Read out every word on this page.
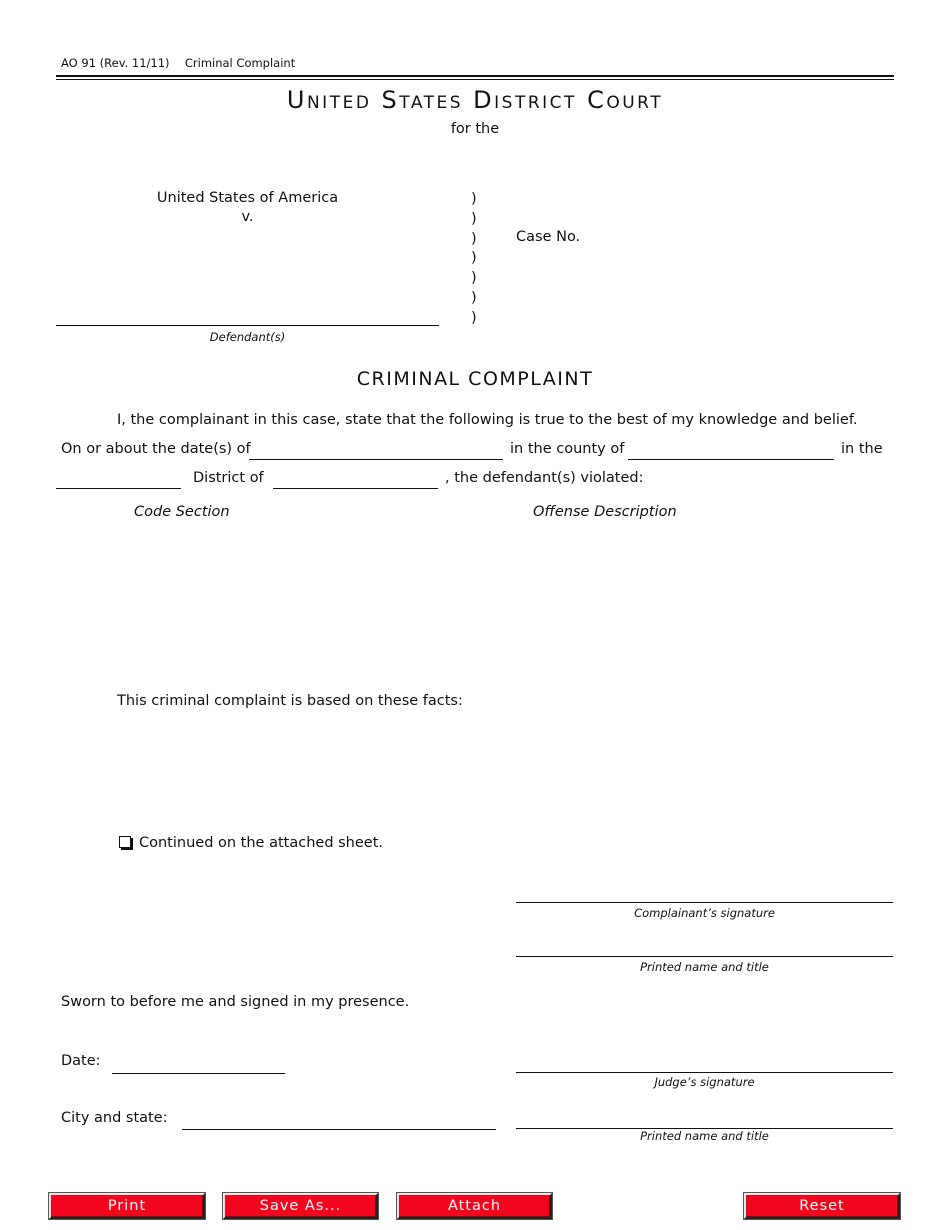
AO 91 (Rev. 11/11) Criminal Complaint
United States District Court
for the
United States of America
v.
)
)
)
)
)
)
)
Case No.
Defendant(s)
CRIMINAL COMPLAINT
I, the complainant in this case, state that the following is true to the best of my knowledge and belief.
On or about the date(s) of	in the county of	in the
District of	, the defendant(s) violated:
Code Section	Offense Description
This criminal complaint is based on these facts:
Continued on the attached sheet.
Complainant’s signature
Printed name and title
Sworn to before me and signed in my presence.
Date:
Judge’s signature
City and state:
Printed name and title
Print	Save As...	Attach	Reset
